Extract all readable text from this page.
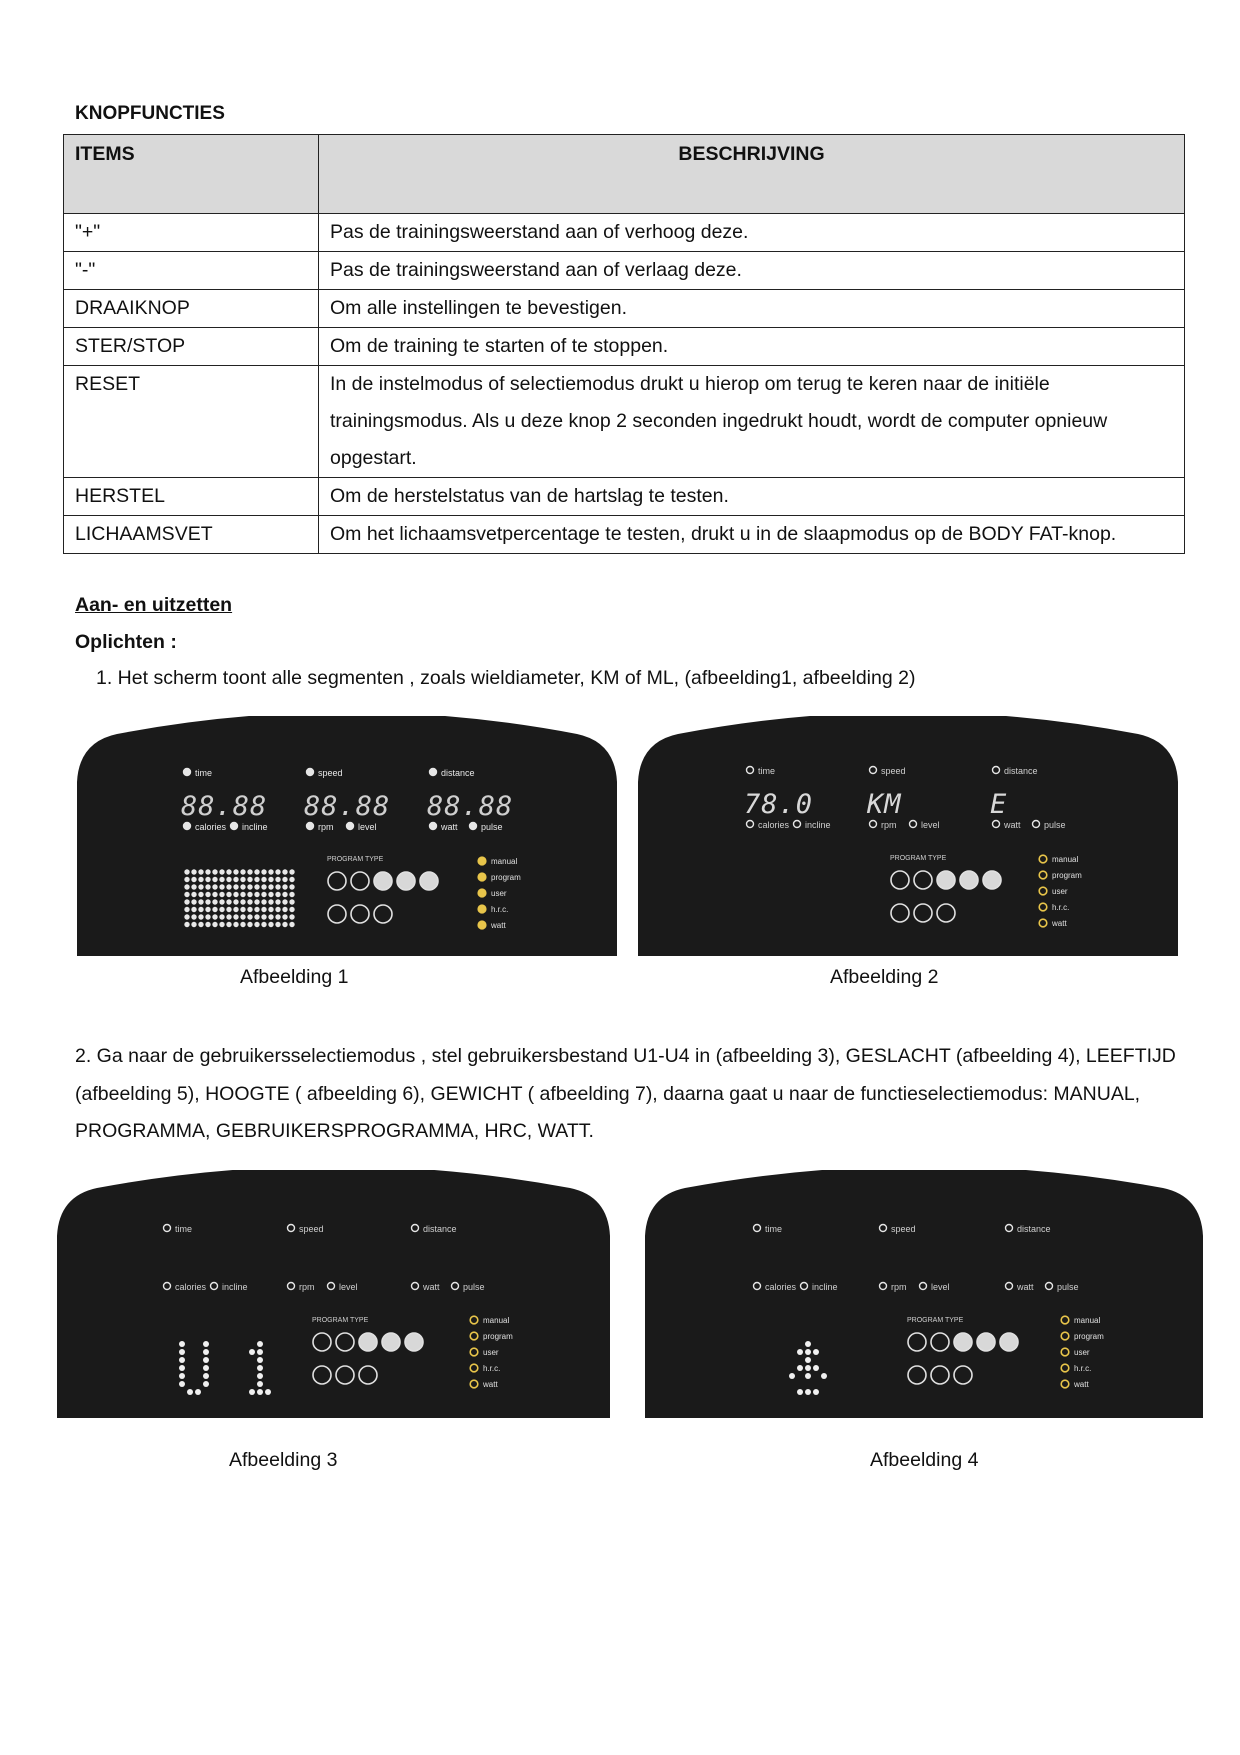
KNOPFUNCTIES
ITEMS	BESCHRIJVING
"+"	Pas de trainingsweerstand aan of verhoog deze.
"-"	Pas de trainingsweerstand aan of verlaag deze.
DRAAIKNOP	Om alle instellingen te bevestigen.
STER/STOP	Om de training te starten of te stoppen.
RESET	In de instelmodus of selectiemodus drukt u hierop om terug te keren naar de initiële trainingsmodus. Als u deze knop 2 seconden ingedrukt houdt, wordt de computer opnieuw opgestart.
HERSTEL	Om de herstelstatus van de hartslag te testen.
LICHAAMSVET	Om het lichaamsvetpercentage te testen, drukt u in de slaapmodus op de BODY FAT-knop.
Aan- en uitzetten
Oplichten :
1. Het scherm toont alle segmenten , zoals wieldiameter, KM of ML, (afbeelding1, afbeelding 2)
time	speed	distance
calories incline	rpm	level	watt	pulse
88.88 88.88 88.88
PROGRAM TYPE	manual
program
user
h.r.c.
watt
time	speed	distance
calories incline	rpm	level	watt	pulse
78.0 KM	E
PROGRAM TYPE	manual
program
user
h.r.c.
watt
Afbeelding 1	Afbeelding 2
2. Ga naar de gebruikersselectiemodus , stel gebruikersbestand U1-U4 in (afbeelding 3), GESLACHT (afbeelding 4), LEEFTIJD (afbeelding 5), HOOGTE ( afbeelding 6), GEWICHT ( afbeelding 7), daarna gaat u naar de functieselectiemodus: MANUAL, PROGRAMMA, GEBRUIKERSPROGRAMMA, HRC, WATT.
time	speed	distance
calories incline	rpm	level	watt	pulse
PROGRAM TYPE	manual
program
user
h.r.c.
watt
time	speed	distance
calories incline	rpm	level	watt	pulse
PROGRAM TYPE	manual
program
user
h.r.c.
watt
Afbeelding 3	Afbeelding 4
